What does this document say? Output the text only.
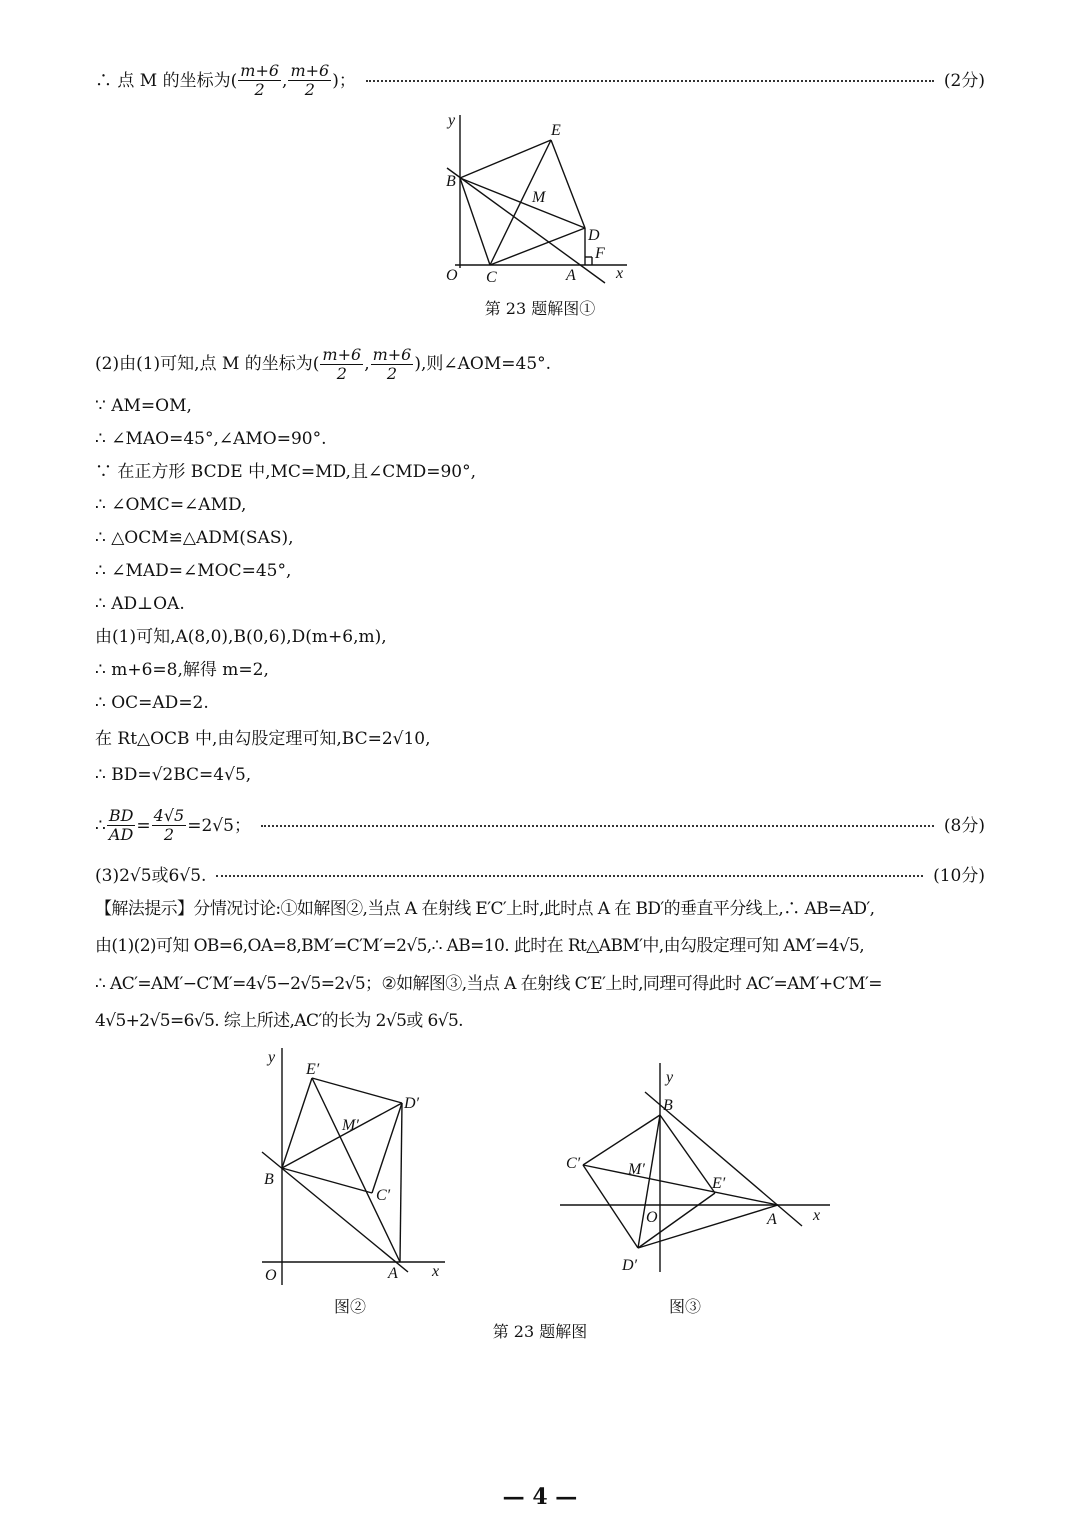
∴ 点 M 的坐标为( $\frac{m+6}{2}$ , $\frac{m+6}{2}$ )；	(2分)
y
x
O
B
E
M
D
F
C	A
y
x
O
B
E′
D′
M′
C′
A
y
x
O
B
C′	M′
E′
D′
A
第 23 题解图①
(2)由(1)可知,点 M 的坐标为( $\frac{m+6}{2}$ , $\frac{m+6}{2}$ ),则∠AOM=45°.
∵ AM=OM,
∴ ∠MAO=45°,∠AMO=90°.
∵ 在正方形 BCDE 中,MC=MD,且∠CMD=90°,
∴ ∠OMC=∠AMD,
∴ △OCM≌△ADM(SAS),
∴ ∠MAD=∠MOC=45°,
∴ AD⊥OA.
由(1)可知,A(8,0),B(0,6),D(m+6,m),
∴ m+6=8,解得 m=2,
∴ OC=AD=2.
在 Rt△OCB 中,由勾股定理可知,BC=2√10,
∴ BD=√2BC=4√5,
∴ $\frac{BD}{AD} = \frac{4√5}{2} =2√5$；	(8分)
(3)2√5或6√5.	(10分)
【解法提示】分情况讨论:①如解图②,当点 A 在射线 E′C′上时,此时点 A 在 BD′的垂直平分线上,∴ AB=AD′,
由(1)(2)可知 OB=6,OA=8,BM′=C′M′=2√5,∴ AB=10. 此时在 Rt△ABM′中,由勾股定理可知 AM′=4√5,
∴ AC′=AM′−C′M′=4√5−2√5=2√5；②如解图③,当点 A 在射线 C′E′上时,同理可得此时 AC′=AM′+C′M′=
4√5+2√5=6√5. 综上所述,AC′的长为 2√5或 6√5.
图②	图③
第 23 题解图
— 4 —
